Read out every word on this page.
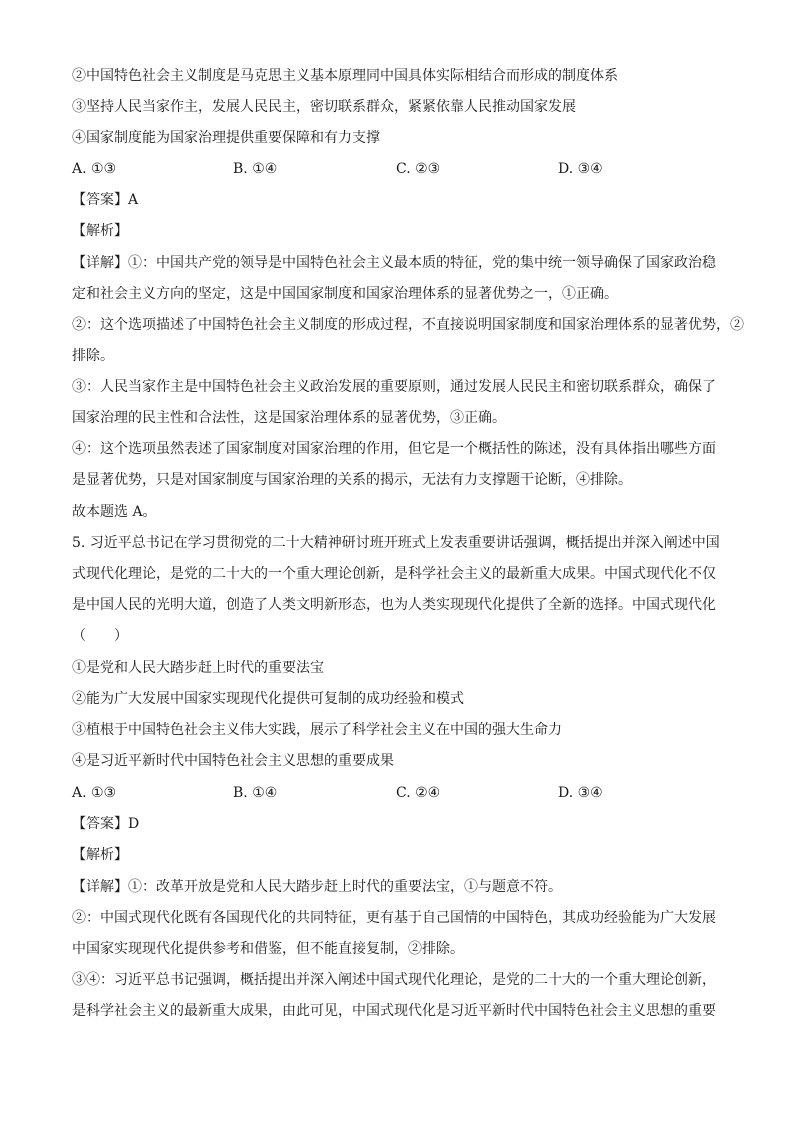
②中国特色社会主义制度是马克思主义基本原理同中国具体实际相结合而形成的制度体系
③坚持人民当家作主，发展人民民主，密切联系群众，紧紧依靠人民推动国家发展
④国家制度能为国家治理提供重要保障和有力支撑
A. ①③	B. ①④	C. ②③	D. ③④
【答案】A
【解析】
【详解】①：中国共产党的领导是中国特色社会主义最本质的特征，党的集中统一领导确保了国家政治稳
定和社会主义方向的坚定，这是中国国家制度和国家治理体系的显著优势之一，①正确。
②：这个选项描述了中国特色社会主义制度的形成过程，不直接说明国家制度和国家治理体系的显著优势，②
排除。
③：人民当家作主是中国特色社会主义政治发展的重要原则，通过发展人民民主和密切联系群众，确保了
国家治理的民主性和合法性，这是国家治理体系的显著优势，③正确。
④：这个选项虽然表述了国家制度对国家治理的作用，但它是一个概括性的陈述，没有具体指出哪些方面
是显著优势，只是对国家制度与国家治理的关系的揭示，无法有力支撑题干论断，④排除。
故本题选 A。
5. 习近平总书记在学习贯彻党的二十大精神研讨班开班式上发表重要讲话强调，概括提出并深入阐述中国
式现代化理论，是党的二十大的一个重大理论创新，是科学社会主义的最新重大成果。中国式现代化不仅
是中国人民的光明大道，创造了人类文明新形态，也为人类实现现代化提供了全新的选择。中国式现代化
（　　）
①是党和人民大踏步赶上时代的重要法宝
②能为广大发展中国家实现现代化提供可复制的成功经验和模式
③植根于中国特色社会主义伟大实践，展示了科学社会主义在中国的强大生命力
④是习近平新时代中国特色社会主义思想的重要成果
A. ①③	B. ①④	C. ②④	D. ③④
【答案】D
【解析】
【详解】①：改革开放是党和人民大踏步赶上时代的重要法宝，①与题意不符。
②：中国式现代化既有各国现代化的共同特征，更有基于自己国情的中国特色，其成功经验能为广大发展
中国家实现现代化提供参考和借鉴，但不能直接复制，②排除。
③④：习近平总书记强调，概括提出并深入阐述中国式现代化理论，是党的二十大的一个重大理论创新，
是科学社会主义的最新重大成果，由此可见，中国式现代化是习近平新时代中国特色社会主义思想的重要
